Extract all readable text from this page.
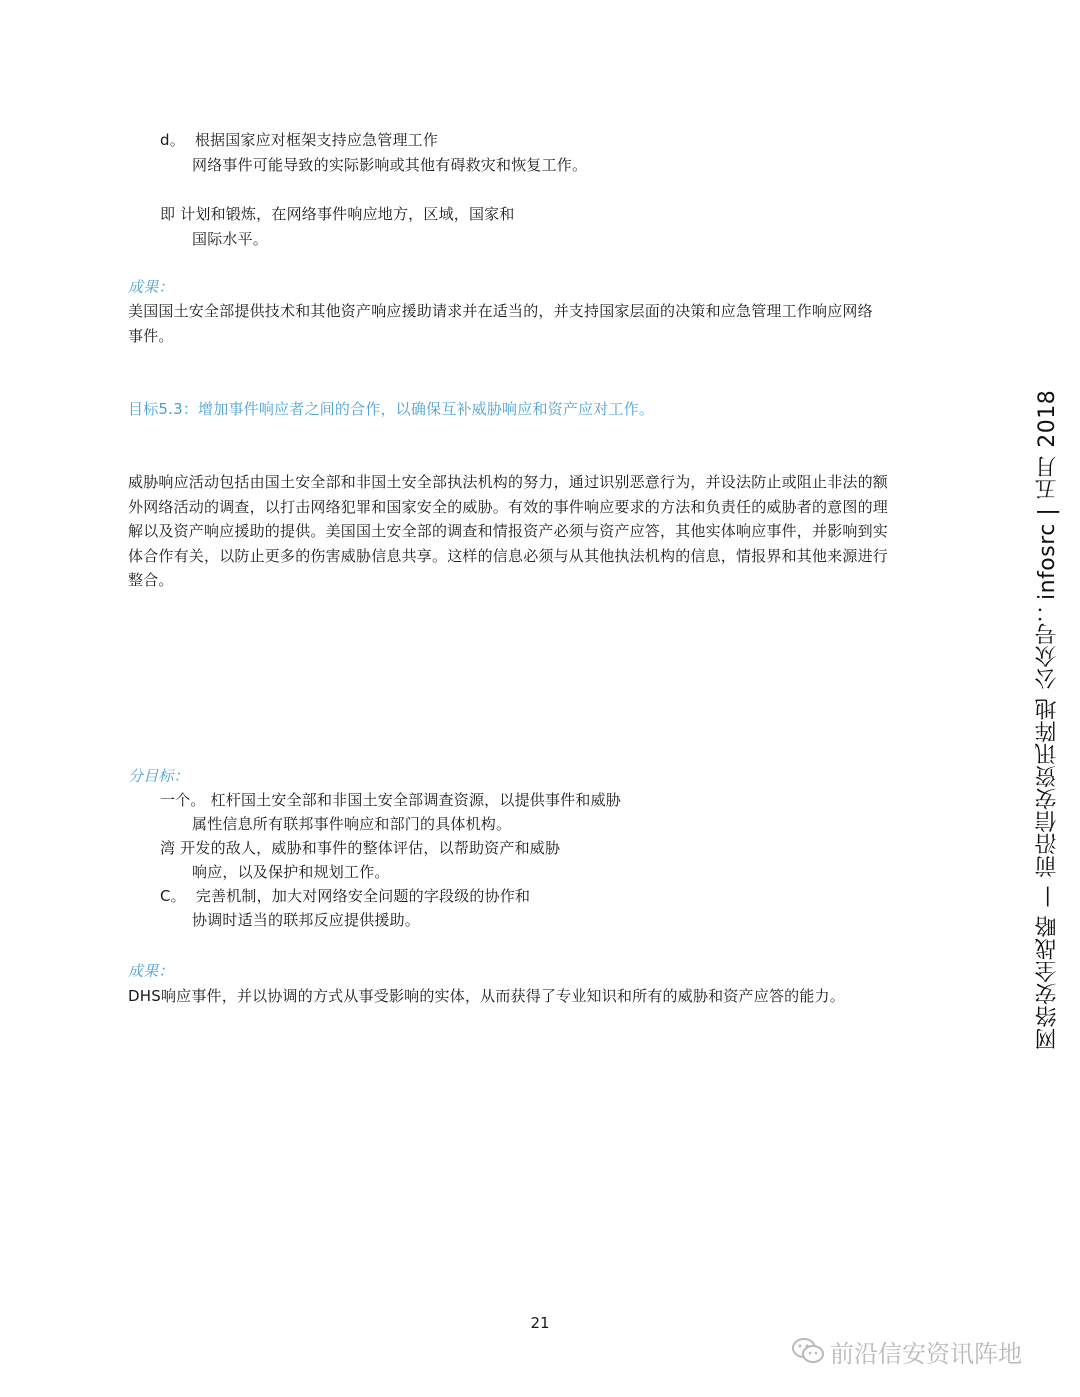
d。 根据国家应对框架支持应急管理工作
网络事件可能导致的实际影响或其他有碍救灾和恢复工作。
即 计划和锻炼，在网络事件响应地方，区域，国家和
国际水平。
成果：
美国国土安全部提供技术和其他资产响应援助请求并在适当的，并支持国家层面的决策和应急管理工作响应网络
事件。
目标5.3：增加事件响应者之间的合作，以确保互补威胁响应和资产应对工作。
威胁响应活动包括由国土安全部和非国土安全部执法机构的努力，通过识别恶意行为，并设法防止或阻止非法的额
外网络活动的调查，以打击网络犯罪和国家安全的威胁。有效的事件响应要求的方法和负责任的威胁者的意图的理
解以及资产响应援助的提供。美国国土安全部的调查和情报资产必须与资产应答，其他实体响应事件，并影响到实
体合作有关，以防止更多的伤害威胁信息共享。这样的信息必须与从其他执法机构的信息，情报界和其他来源进行
整合。
分目标：
一个。 杠杆国土安全部和非国土安全部调查资源，以提供事件和威胁
属性信息所有联邦事件响应和部门的具体机构。
湾 开发的敌人，威胁和事件的整体评估，以帮助资产和威胁
响应，以及保护和规划工作。
C。 完善机制，加大对网络安全问题的字段级的协作和
协调时适当的联邦反应提供援助。
成果：
DHS响应事件，并以协调的方式从事受影响的实体，从而获得了专业知识和所有的威胁和资产应答的能力。	网络安全战略 — 前沿信安资讯阵地 公众号：infosrc | 五月 2018
21
前沿信安资讯阵地
